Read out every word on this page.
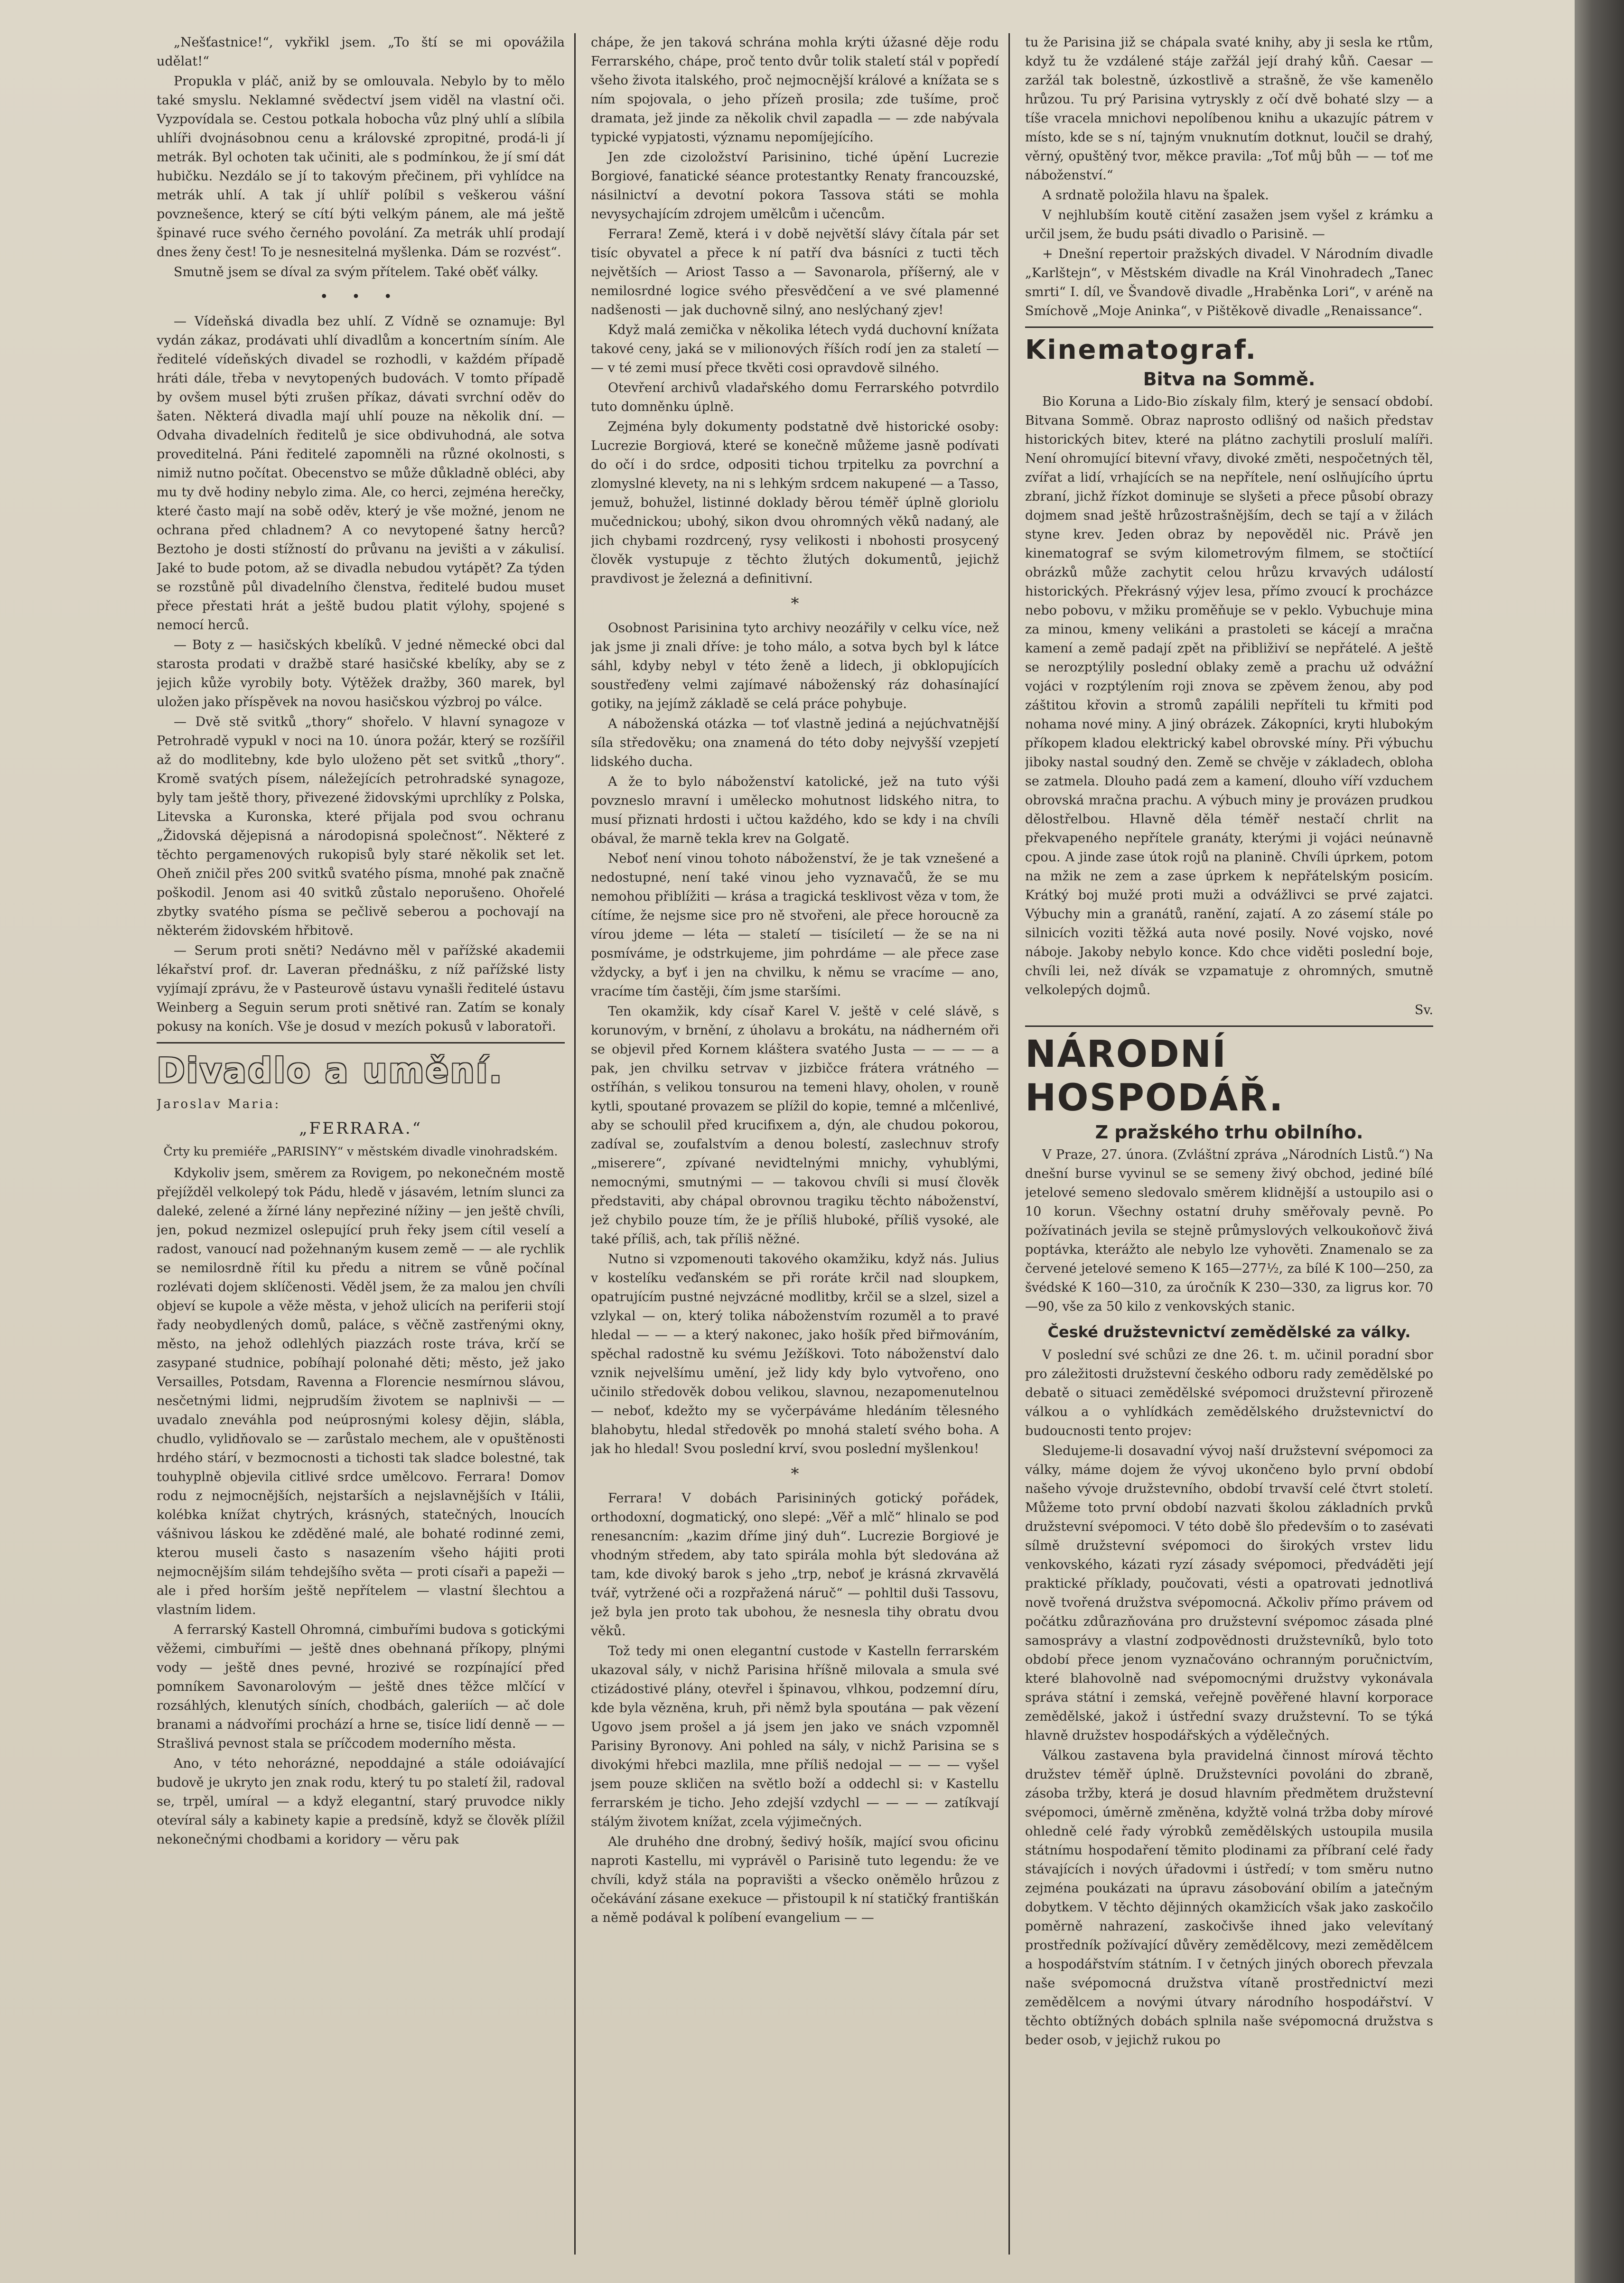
„Nešťastnice!“, vykřikl jsem. „To ští se mi opovážila udělat!“

Propukla v pláč, aniž by se omlouvala. Nebylo by to mělo také smyslu. Neklamné svědectví jsem viděl na vlastní oči. Vyzpovídala se. Cestou potkala hobocha vůz plný uhlí a slíbila uhlíři dvojnásobnou cenu a královské zpropitné, prodá-li jí metrák. Byl ochoten tak učiniti, ale s podmínkou, že jí smí dát hubičku. Nezdálo se jí to takovým přečinem, při vyhlídce na metrák uhlí. A tak jí uhlíř políbil s veškerou vášní povznešence, který se cítí býti velkým pánem, ale má ještě špinavé ruce svého černého povolání. Za metrák uhlí prodají dnes ženy čest! To je nesnesitelná myšlenka. Dám se rozvést“.

Smutně jsem se díval za svým přítelem. Také oběť války.

• • •

— Vídeňská divadla bez uhlí. Z Vídně se oznamuje: Byl vydán zákaz, prodávati uhlí divadlům a koncertním síním. Ale ředitelé vídeňských divadel se rozhodli, v každém případě hráti dále, třeba v nevytopených budovách. V tomto případě by ovšem musel býti zrušen příkaz, dávati svrchní oděv do šaten. Některá divadla mají uhlí pouze na několik dní. — Odvaha divadelních ředitelů je sice obdivuhodná, ale sotva proveditelná. Páni ředitelé zapomněli na různé okolnosti, s nimiž nutno počítat. Obecenstvo se může důkladně obléci, aby mu ty dvě hodiny nebylo zima. Ale, co herci, zejména herečky, které často mají na sobě oděv, který je vše možné, jenom ne ochrana před chladnem? A co nevytopené šatny herců? Beztoho je dosti stížností do průvanu na jevišti a v zákulisí. Jaké to bude potom, až se divadla nebudou vytápět? Za týden se rozstůně půl divadelního členstva, ředitelé budou muset přece přestati hrát a ještě budou platit výlohy, spojené s nemocí herců.

— Boty z — hasičských kbelíků. V jedné německé obci dal starosta prodati v dražbě staré hasičské kbelíky, aby se z jejich kůže vyrobily boty. Výtěžek dražby, 360 marek, byl uložen jako příspěvek na novou hasičskou výzbroj po válce.

— Dvě stě svitků „thory“ shořelo. V hlavní synagoze v Petrohradě vypukl v noci na 10. února požár, který se rozšířil až do modlitebny, kde bylo uloženo pět set svitků „thory“. Kromě svatých písem, náležejících petrohradské synagoze, byly tam ještě thory, přivezené židovskými uprchlíky z Polska, Litevska a Kuronska, které přijala pod svou ochranu „Židovská dějepisná a národopisná společnost“. Některé z těchto pergamenových rukopisů byly staré několik set let. Oheň zničil přes 200 svitků svatého písma, mnohé pak značně poškodil. Jenom asi 40 svitků zůstalo neporušeno. Ohořelé zbytky svatého písma se pečlivě seberou a pochovají na některém židovském hřbitově.

— Serum proti sněti? Nedávno měl v pařížské akademii lékařství prof. dr. Laveran přednášku, z níž pařížské listy vyjímají zprávu, že v Pasteurově ústavu vynašli ředitelé ústavu Weinberg a Seguin serum proti snětivé ran. Zatím se konaly pokusy na koních. Vše je dosud v mezích pokusů v laboratoři.

Divadlo a umění.

Jaroslav Maria:

„FERRARA.“

Črty ku premiéře „PARISINY“ v městském divadle vinohradském.

Kdykoliv jsem, směrem za Rovigem, po nekonečném mostě přejížděl velkolepý tok Pádu, hledě v jásavém, letním slunci za daleké, zelené a žírné lány nepřeziné nížiny — jen ještě chvíli, jen, pokud nezmizel oslepující pruh řeky jsem cítil veselí a radost, vanoucí nad požehnaným kusem země — — ale rychlik se nemilosrdně řítil ku předu a nitrem se vůně počínal rozlévati dojem sklíčenosti. Věděl jsem, že za malou jen chvíli objeví se kupole a věže města, v jehož ulicích na periferii stojí řady neobydlených domů, paláce, s věčně zastřenými okny, město, na jehož odlehlých piazzách roste tráva, krčí se zasypané studnice, pobíhají polonahé děti; město, jež jako Versailles, Potsdam, Ravenna a Florencie nesmírnou slávou, nesčetnými lidmi, nejprudším životem se naplnivši — — uvadalo zneváhla pod neúprosnými kolesy dějin, slábla, chudlo, vylidňovalo se — zarůstalo mechem, ale v opuštěnosti hrdého stárí, v bezmocnosti a tichosti tak sladce bolestné, tak touhyplně objevila citlivé srdce umělcovo. Ferrara! Domov rodu z nejmocnějších, nejstarších a nejslavnějších v Itálii, kolébka knížat chytrých, krásných, statečných, lnoucích vášnivou láskou ke zděděné malé, ale bohaté rodinné zemi, kterou museli často s nasazením všeho hájiti proti nejmocnějším silám tehdejšího světa — proti císaři a papeži — ale i před horším ještě nepřítelem — vlastní šlechtou a vlastním lidem.

A ferrarský Kastell Ohromná, cimbuřími budova s gotickými věžemi, cimbuřími — ještě dnes obehnaná příkopy, plnými vody — ještě dnes pevné, hrozivé se rozpínající před pomníkem Savonarolovým — ještě dnes těžce mlčící v rozsáhlých, klenutých síních, chodbách, galeriích — ač dole branami a nádvořími prochází a hrne se, tisíce lidí denně — — Strašlivá pevnost stala se príčcodem moderního města.

Ano, v této nehorázné, nepoddajné a stále odoiávající budově je ukryto jen znak rodu, který tu po staletí žil, radoval se, trpěl, umíral — a když elegantní, starý pruvodce nikly otevíral sály a kabinety kapie a predsíně, když se člověk plížil nekonečnými chodbami a koridory — věru pak

chápe, že jen taková schrána mohla krýti úžasné děje rodu Ferrarského, chápe, proč tento dvůr tolik staletí stál v popředí všeho života italského, proč nejmocnější králové a knížata se s ním spojovala, o jeho přízeň prosila; zde tušíme, proč dramata, jež jinde za několik chvil zapadla — — zde nabývala typické vypjatosti, významu nepomíjejícího.

Jen zde cizoložství Parisinino, tiché úpění Lucrezie Borgiové, fanatické séance protestantky Renaty francouzské, násilnictví a devotní pokora Tassova státi se mohla nevysychajícím zdrojem umělcům i učencům.

Ferrara! Země, která i v době největší slávy čítala pár set tisíc obyvatel a přece k ní patří dva básníci z tucti těch největších — Ariost Tasso a — Savonarola, příšerný, ale v nemilosrdné logice svého přesvědčení a ve své plamenné nadšenosti — jak duchovně silný, ano neslýchaný zjev!

Když malá zemička v několika létech vydá duchovní knížata takové ceny, jaká se v milionových říších rodí jen za staletí — — v té zemi musí přece tkvěti cosi opravdově silného.

Otevření archivů vladařského domu Ferrarského potvrdilo tuto domněnku úplně.

Zejména byly dokumenty podstatně dvě historické osoby: Lucrezie Borgiová, které se konečně můžeme jasně podívati do očí i do srdce, odpositi tichou trpitelku za povrchní a zlomyslné klevety, na ni s lehkým srdcem nakupené — a Tasso, jemuž, bohužel, listinné doklady běrou téměř úplně gloriolu mučednickou; ubohý, sikon dvou ohromných věků nadaný, ale jich chybami rozdrcený, rysy velikosti i nbohosti prosycený člověk vystupuje z těchto žlutých dokumentů, jejichž pravdivost je železná a definitivní.

*

Osobnost Parisinina tyto archivy neozářily v celku více, než jak jsme ji znali dříve: je toho málo, a sotva bych byl k látce sáhl, kdyby nebyl v této ženě a lidech, ji obklopujících soustřeďeny velmi zajímavé náboženský ráz dohasínající gotiky, na jejímž základě se celá práce pohybuje.

A náboženská otázka — toť vlastně jediná a nejúchvatnější síla středověku; ona znamená do této doby nejvyšší vzepjetí lidského ducha.

A že to bylo náboženství katolické, jež na tuto výši povzneslo mravní i umělecko mohutnost lidského nitra, to musí přiznati hrdosti i učtou každého, kdo se kdy i na chvíli obával, že marně tekla krev na Golgatě.

Neboť není vinou tohoto náboženství, že je tak vznešené a nedostupné, není také vinou jeho vyznavačů, že se mu nemohou přiblížiti — krása a tragická tesklivost věza v tom, že cítíme, že nejsme sice pro ně stvořeni, ale přece horoucně za vírou jdeme — léta — staletí — tisíciletí — že se na ni posmíváme, je odstrkujeme, jim pohrdáme — ale přece zase vždycky, a byť i jen na chvilku, k němu se vracíme — ano, vracíme tím častěji, čím jsme staršími.

Ten okamžik, kdy císař Karel V. ještě v celé slávě, s korunovým, v brnění, z úholavu a brokátu, na nádherném oři se objevil před Kornem kláštera svatého Justa — — — — a pak, jen chvilku setrvav v jizbičce frátera vrátného — ostříhán, s velikou tonsurou na temeni hlavy, oholen, v rouně kytli, spoutané provazem se plížil do kopie, temné a mlčenlivé, aby se schoulil před krucifixem a, dýn, ale chudou pokorou, zadíval se, zoufalstvím a denou bolestí, zaslechnuv strofy „miserere“, zpívané nevidtelnými mnichy, vyhublými, nemocnými, smutnými — — takovou chvíli si musí člověk představiti, aby chápal obrovnou tragiku těchto náboženství, jež chybilo pouze tím, že je příliš hluboké, příliš vysoké, ale také příliš, ach, tak příliš něžné.

Nutno si vzpomenouti takového okamžiku, když nás. Julius v kostelíku veďanském se při roráte krčil nad sloupkem, opatrujícím pustné nejvzácné modlitby, krčil se a slzel, sizel a vzlykal — on, který tolika náboženstvím rozuměl a to pravé hledal — — — a který nakonec, jako hošík před biřmováním, spěchal radostně ku svému Ježíškovi. Toto náboženství dalo vznik nejvelšímu umění, jež lidy kdy bylo vytvořeno, ono učinilo středověk dobou velikou, slavnou, nezapomenutelnou — neboť, kdežto my se vyčerpáváme hledáním tělesného blahobytu, hledal středověk po mnohá staletí svého boha. A jak ho hledal! Svou poslední krví, svou poslední myšlenkou!

*

Ferrara! V dobách Parisininých gotický pořádek, orthodoxní, dogmatický, ono slepé: „Věř a mlč“ hlinalo se pod renesancním: „kazim dříme jiný duh“. Lucrezie Borgiové je vhodným středem, aby tato spirála mohla být sledována až tam, kde divoký barok s jeho „trp, neboť je krásná zkrvavělá tvář, vytržené oči a rozpřažená náruč“ — pohltil duši Tassovu, jež byla jen proto tak ubohou, že nesnesla tihy obratu dvou věků.

Tož tedy mi onen elegantní custode v Kastelln ferrarském ukazoval sály, v nichž Parisina hříšně milovala a smula své ctizádostivé plány, otevřel i špinavou, vlhkou, podzemní díru, kde byla vězněna, kruh, při němž byla spoutána — pak vězení Ugovo jsem prošel a já jsem jen jako ve snách vzpomněl Parisiny Byronovy. Ani pohled na sály, v nichž Parisina se s divokými hřebci mazlila, mne příliš nedojal — — — — vyšel jsem pouze skličen na světlo boží a oddechl si: v Kastellu ferrarském je ticho. Jeho zdejší vzdychl — — — — zatíkvají stálým životem knížat, zcela výjimečných.

Ale druhého dne drobný, šedivý hošík, mající svou oficinu naproti Kastellu, mi vyprávěl o Parisině tuto legendu: že ve chvíli, když stála na popravišti a všecko oněmělo hrůzou z očekávání zásane exekuce — přistoupil k ní statičký františkán a němě podával k políbení evangelium — —

tu že Parisina již se chápala svaté knihy, aby ji sesla ke rtům, když tu že vzdálené stáje zařžál její drahý kůň. Caesar — zaržál tak bolestně, úzkostlivě a strašně, že vše kamenělo hrůzou. Tu prý Parisina vytryskly z očí dvě bohaté slzy — a tíše vracela mnichovi nepolíbenou knihu a ukazujíc pátrem v místo, kde se s ní, tajným vnuknutím dotknut, loučil se drahý, věrný, opuštěný tvor, měkce pravila: „Toť můj bůh — — toť me náboženství.“

A srdnatě položila hlavu na špalek.

V nejhlubším koutě citění zasažen jsem vyšel z krámku a určil jsem, že budu psáti divadlo o Parisině. —

+ Dnešní repertoir pražských divadel. V Národním divadle „Karlštejn“, v Městském divadle na Král Vinohradech „Tanec smrti“ I. díl, ve Švandově divadle „Hraběnka Lori“, v aréně na Smíchově „Moje Aninka“, v Pištěkově divadle „Renaissance“.

Kinematograf.

Bitva na Sommě.

Bio Koruna a Lido-Bio získaly film, který je sensací období. Bitvana Sommě. Obraz naprosto odlišný od našich představ historických bitev, které na plátno zachytili proslulí malíři. Není ohromující bitevní vřavy, divoké změti, nespočetných těl, zvířat a lidí, vrhajících se na nepřítele, není oslňujícího úprtu zbraní, jichž řízkot dominuje se slyšeti a přece působí obrazy dojmem snad ještě hrůzostrašnějším, dech se tají a v žilách styne krev. Jeden obraz by nepověděl nic. Právě jen kinematograf se svým kilometrovým filmem, se stočtiící obrázků může zachytit celou hrůzu krvavých událostí historických. Překrásný výjev lesa, přímo zvoucí k procházce nebo pobovu, v mžiku proměňuje se v peklo. Vybuchuje mina za minou, kmeny velikáni a prastoleti se kácejí a mračna kamení a země padají zpět na přibliživí se nepřátelé. A ještě se nerozptýlily poslední oblaky země a prachu už odvážní vojáci v rozptýlením roji znova se zpěvem ženou, aby pod záštitou křovin a stromů zapálili nepříteli tu křmiti pod nohama nové miny. A jiný obrázek. Zákopníci, kryti hlubokým příkopem kladou elektrický kabel obrovské míny. Při výbuchu jiboky nastal soudný den. Země se chvěje v základech, obloha se zatmela. Dlouho padá zem a kamení, dlouho víří vzduchem obrovská mračna prachu. A výbuch miny je provázen prudkou dělostřelbou. Hlavně děla téměř nestačí chrlit na překvapeného nepřítele granáty, kterými ji vojáci neúnavně cpou. A jinde zase útok rojů na planině. Chvíli úprkem, potom na mžik ne zem a zase úprkem k nepřátelským posicím. Krátký boj mužé proti muži a odvážlivci se prvé zajatci. Výbuchy min a granátů, ranění, zajatí. A zo zásemí stále po silnicích voziti těžká auta nové posily. Nové vojsko, nové náboje. Jakoby nebylo konce. Kdo chce viděti poslední boje, chvíli lei, než dívák se vzpamatuje z ohromných, smutně velkolepých dojmů.

Sv.

NÁRODNÍ HOSPODÁŘ.

Z pražského trhu obilního.

V Praze, 27. února. (Zvláštní zpráva „Národních Listů.“) Na dnešní burse vyvinul se se semeny živý obchod, jediné bílé jetelové semeno sledovalo směrem klidnější a ustoupilo asi o 10 korun. Všechny ostatní druhy směřovaly pevně. Po požívatinách jevila se stejně průmyslových velkoukoňovč živá poptávka, kterážto ale nebylo lze vyhověti. Znamenalo se za červené jetelové semeno K 165—277½, za bílé K 100—250, za švédské K 160—310, za úročník K 230—330, za ligrus kor. 70—90, vše za 50 kilo z venkovských stanic.

České družstevnictví zemědělské za války.

V poslední své schůzi ze dne 26. t. m. učinil poradní sbor pro záležitosti družstevní českého odboru rady zemědělské po debatě o situaci zemědělské svépomoci družstevní přirozeně válkou a o vyhlídkách zemědělského družstevnictví do budoucnosti tento projev:

Sledujeme-li dosavadní vývoj naší družstevní svépomoci za války, máme dojem že vývoj ukončeno bylo první období našeho vývoje družstevního, období trvavší celé čtvrt století. Můžeme toto první období nazvati školou základních prvků družstevní svépomoci. V této době šlo především o to zasévati sílmě družstevní svépomoci do širokých vrstev lidu venkovského, kázati ryzí zásady svépomoci, předváděti její praktické příklady, poučovati, vésti a opatrovati jednotlivá nově tvořená družstva svépomocná. Ačkoliv přímo právem od počátku zdůrazňována pro družstevní svépomoc zásada plné samosprávy a vlastní zodpovědnosti družstevníků, bylo toto období přece jenom vyznačováno ochranným poručnictvím, které blahovolně nad svépomocnými družstvy vykonávala správa státní i zemská, veřejně pověřené hlavní korporace zemědělské, jakož i ústřední svazy družstevní. To se týká hlavně družstev hospodářských a výdělečných.

Válkou zastavena byla pravidelná činnost mírová těchto družstev téměř úplně. Družstevníci povoláni do zbraně, zásoba tržby, která je dosud hlavním předmětem družstevní svépomoci, úměrně změněna, kdyžtě volná tržba doby mírové ohledně celé řady výrobků zemědělských ustoupila musila státnímu hospodaření těmito plodinami za příbraní celé řady stávajících i nových úřadovmi i ústředí; v tom směru nutno zejména poukázati na úpravu zásobování obilím a jatečným dobytkem. V těchto dějinných okamžicích však jako zaskočilo poměrně nahrazení, zaskočivše ihned jako velevítaný prostředník požívající důvěry zemědělcovy, mezi zemědělcem a hospodářstvím státním. I v četných jiných oborech převzala naše svépomocná družstva vítaně prostřednictví mezi zemědělcem a novými útvary národního hospodářství. V těchto obtížných dobách splnila naše svépomocná družstva s beder osob, v jejichž rukou po
